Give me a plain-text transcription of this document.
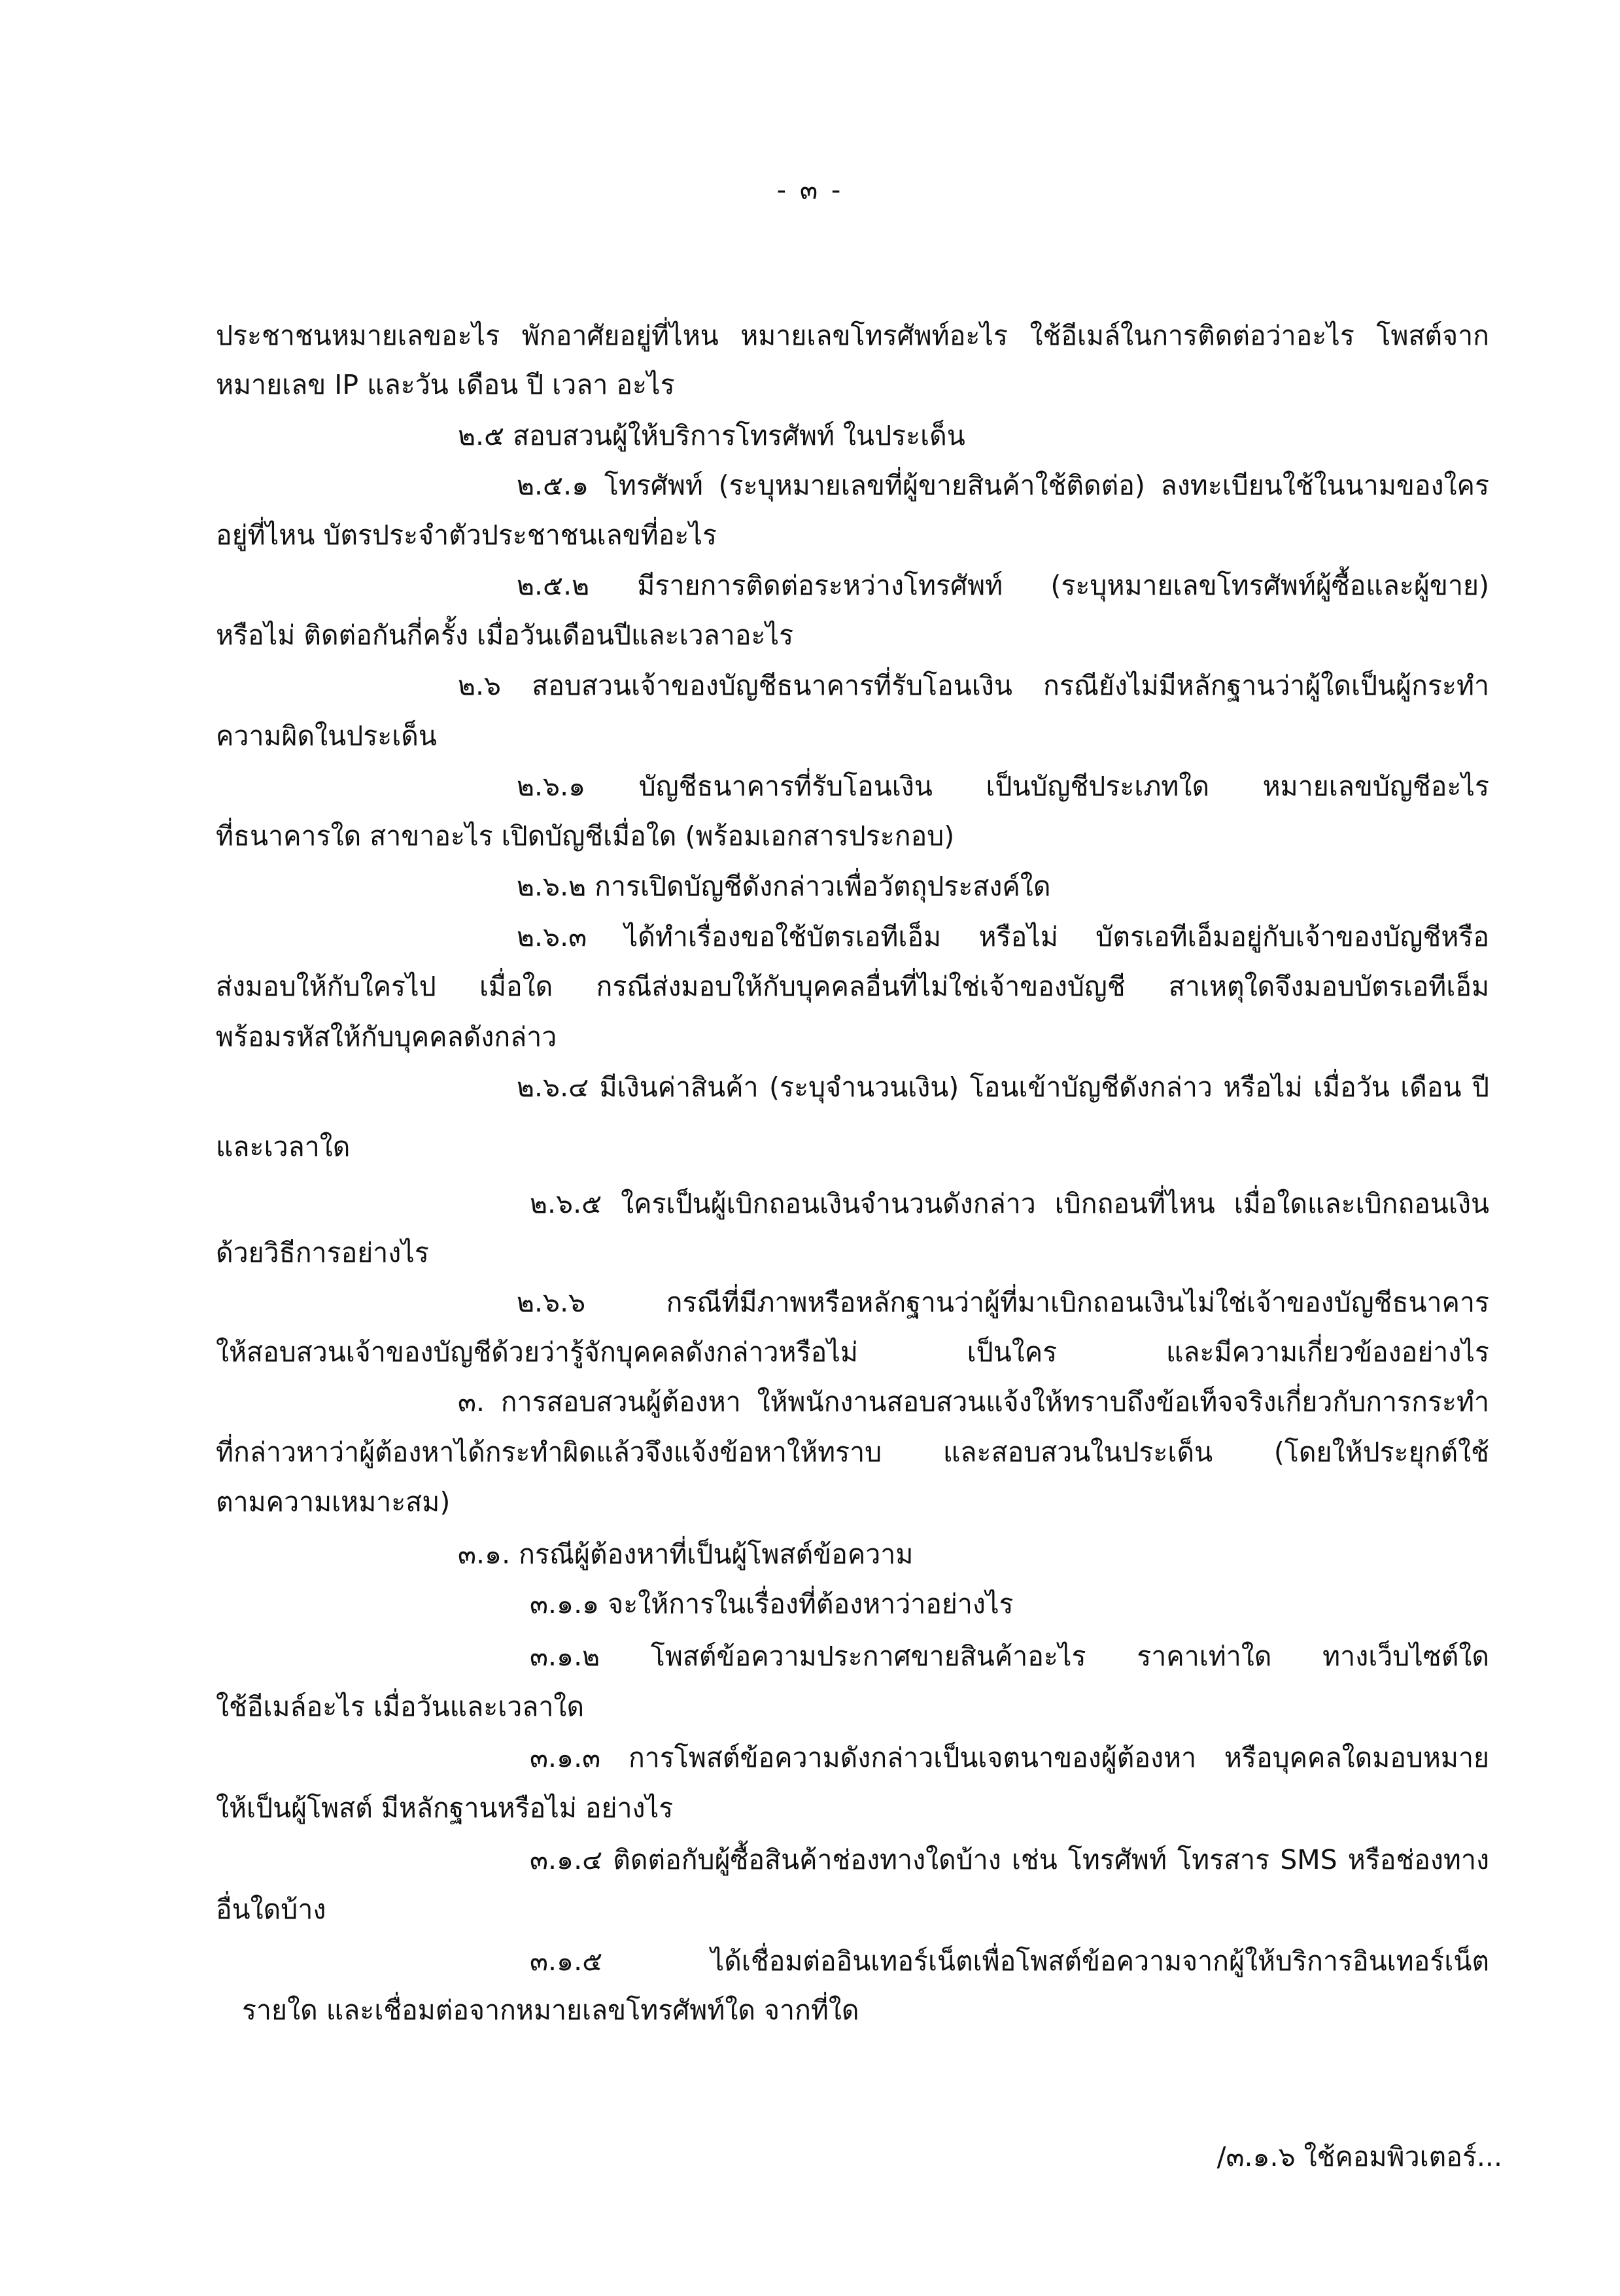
- ๓ -
ประชาชนหมายเลขอะไร พักอาศัยอยู่ที่ไหน หมายเลขโทรศัพท์อะไร ใช้อีเมล์ในการติดต่อว่าอะไร โพสต์จาก
หมายเลข IP และวัน เดือน ปี เวลา อะไร
๒.๕ สอบสวนผู้ให้บริการโทรศัพท์ ในประเด็น
๒.๕.๑ โทรศัพท์ (ระบุหมายเลขที่ผู้ขายสินค้าใช้ติดต่อ) ลงทะเบียนใช้ในนามของใคร
อยู่ที่ไหน บัตรประจำตัวประชาชนเลขที่อะไร
๒.๕.๒ มีรายการติดต่อระหว่างโทรศัพท์ (ระบุหมายเลขโทรศัพท์ผู้ซื้อและผู้ขาย)
หรือไม่ ติดต่อกันกี่ครั้ง เมื่อวันเดือนปีและเวลาอะไร
๒.๖ สอบสวนเจ้าของบัญชีธนาคารที่รับโอนเงิน กรณียังไม่มีหลักฐานว่าผู้ใดเป็นผู้กระทำ
ความผิดในประเด็น
๒.๖.๑ บัญชีธนาคารที่รับโอนเงิน เป็นบัญชีประเภทใด หมายเลขบัญชีอะไร
ที่ธนาคารใด สาขาอะไร เปิดบัญชีเมื่อใด (พร้อมเอกสารประกอบ)
๒.๖.๒ การเปิดบัญชีดังกล่าวเพื่อวัตถุประสงค์ใด
๒.๖.๓ ได้ทำเรื่องขอใช้บัตรเอทีเอ็ม หรือไม่ บัตรเอทีเอ็มอยู่กับเจ้าของบัญชีหรือ
ส่งมอบให้กับใครไป เมื่อใด กรณีส่งมอบให้กับบุคคลอื่นที่ไม่ใช่เจ้าของบัญชี สาเหตุใดจึงมอบบัตรเอทีเอ็ม
พร้อมรหัสให้กับบุคคลดังกล่าว
๒.๖.๔ มีเงินค่าสินค้า (ระบุจำนวนเงิน) โอนเข้าบัญชีดังกล่าว หรือไม่ เมื่อวัน เดือน ปี
และเวลาใด
๒.๖.๕ ใครเป็นผู้เบิกถอนเงินจำนวนดังกล่าว เบิกถอนที่ไหน เมื่อใดและเบิกถอนเงิน
ด้วยวิธีการอย่างไร
๒.๖.๖ กรณีที่มีภาพหรือหลักฐานว่าผู้ที่มาเบิกถอนเงินไม่ใช่เจ้าของบัญชีธนาคาร
ให้สอบสวนเจ้าของบัญชีด้วยว่ารู้จักบุคคลดังกล่าวหรือไม่ เป็นใคร และมีความเกี่ยวข้องอย่างไร
๓. การสอบสวนผู้ต้องหา ให้พนักงานสอบสวนแจ้งให้ทราบถึงข้อเท็จจริงเกี่ยวกับการกระทำ
ที่กล่าวหาว่าผู้ต้องหาได้กระทำผิดแล้วจึงแจ้งข้อหาให้ทราบ และสอบสวนในประเด็น (โดยให้ประยุกต์ใช้
ตามความเหมาะสม)
๓.๑. กรณีผู้ต้องหาที่เป็นผู้โพสต์ข้อความ
๓.๑.๑ จะให้การในเรื่องที่ต้องหาว่าอย่างไร
๓.๑.๒ โพสต์ข้อความประกาศขายสินค้าอะไร ราคาเท่าใด ทางเว็บไซต์ใด
ใช้อีเมล์อะไร เมื่อวันและเวลาใด
๓.๑.๓ การโพสต์ข้อความดังกล่าวเป็นเจตนาของผู้ต้องหา หรือบุคคลใดมอบหมาย
ให้เป็นผู้โพสต์ มีหลักฐานหรือไม่ อย่างไร
๓.๑.๔ ติดต่อกับผู้ซื้อสินค้าช่องทางใดบ้าง เช่น โทรศัพท์ โทรสาร SMS หรือช่องทาง
อื่นใดบ้าง
๓.๑.๕ ได้เชื่อมต่ออินเทอร์เน็ตเพื่อโพสต์ข้อความจากผู้ให้บริการอินเทอร์เน็ต
รายใด และเชื่อมต่อจากหมายเลขโทรศัพท์ใด จากที่ใด
/๓.๑.๖ ใช้คอมพิวเตอร์...
